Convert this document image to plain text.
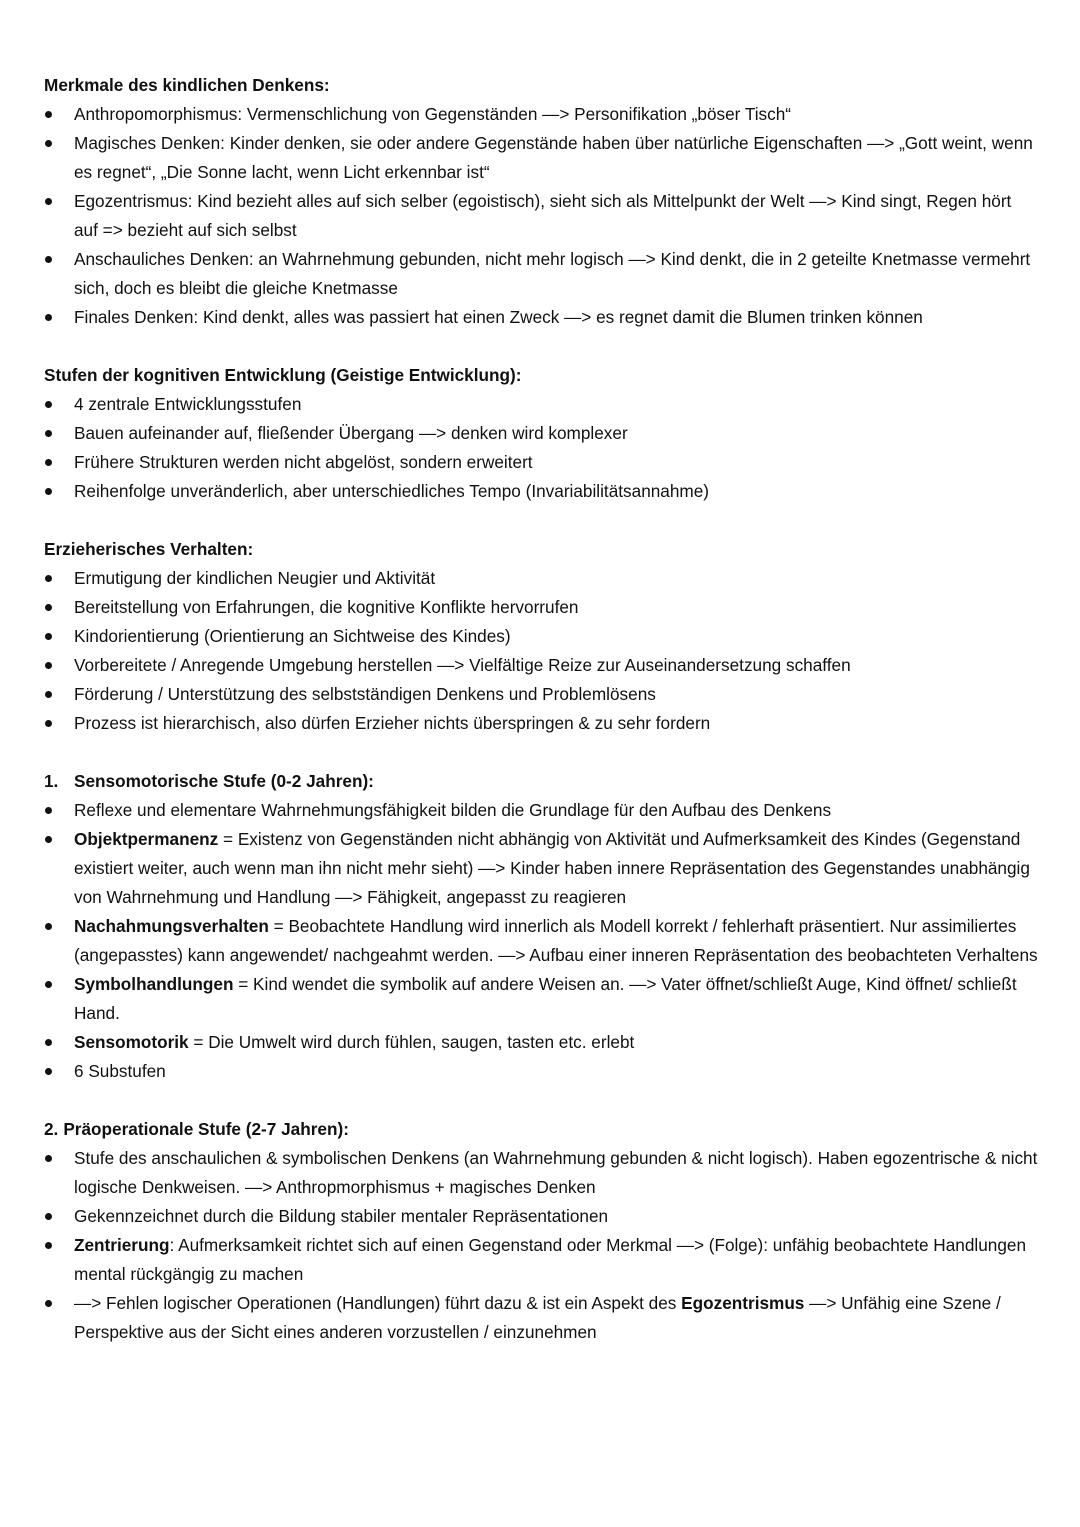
Merkmale des kindlichen Denkens:
Anthropomorphismus: Vermenschlichung von Gegenständen —> Personifikation „böser Tisch“
Magisches Denken: Kinder denken, sie oder andere Gegenstände haben über natürliche Eigenschaften —> „Gott weint, wenn es regnet“, „Die Sonne lacht, wenn Licht erkennbar ist“
Egozentrismus: Kind bezieht alles auf sich selber (egoistisch), sieht sich als Mittelpunkt der Welt —> Kind singt, Regen hört auf => bezieht auf sich selbst
Anschauliches Denken: an Wahrnehmung gebunden, nicht mehr logisch —> Kind denkt, die in 2 geteilte Knetmasse vermehrt sich, doch es bleibt die gleiche Knetmasse
Finales Denken: Kind denkt, alles was passiert hat einen Zweck —> es regnet damit die Blumen trinken können
Stufen der kognitiven Entwicklung (Geistige Entwicklung):
4 zentrale Entwicklungsstufen
Bauen aufeinander auf, fließender Übergang —> denken wird komplexer
Frühere Strukturen werden nicht abgelöst, sondern erweitert
Reihenfolge unveränderlich, aber unterschiedliches Tempo (Invariabilitätsannahme)
Erzieherisches Verhalten:
Ermutigung der kindlichen Neugier und Aktivität
Bereitstellung von Erfahrungen, die kognitive Konflikte hervorrufen
Kindorientierung (Orientierung an Sichtweise des Kindes)
Vorbereitete / Anregende Umgebung herstellen —> Vielfältige Reize zur Auseinandersetzung schaffen
Förderung / Unterstützung des selbstständigen Denkens und Problemlösens
Prozess ist hierarchisch, also dürfen Erzieher nichts überspringen & zu sehr fordern
1. Sensomotorische Stufe (0-2 Jahren):
Reflexe und elementare Wahrnehmungsfähigkeit bilden die Grundlage für den Aufbau des Denkens
Objektpermanenz = Existenz von Gegenständen nicht abhängig von Aktivität und Aufmerksamkeit des Kindes (Gegenstand existiert weiter, auch wenn man ihn nicht mehr sieht) —> Kinder haben innere Repräsentation des Gegenstandes unabhängig von Wahrnehmung und Handlung —> Fähigkeit, angepasst zu reagieren
Nachahmungsverhalten = Beobachtete Handlung wird innerlich als Modell korrekt / fehlerhaft präsentiert. Nur assimiliertes (angepasstes) kann angewendet/ nachgeahmt werden. —> Aufbau einer inneren Repräsentation des beobachteten Verhaltens
Symbolhandlungen = Kind wendet die symbolik auf andere Weisen an. —> Vater öffnet/schließt Auge, Kind öffnet/ schließt Hand.
Sensomotorik = Die Umwelt wird durch fühlen, saugen, tasten etc. erlebt
6 Substufen
2. Präoperationale Stufe (2-7 Jahren):
Stufe des anschaulichen & symbolischen Denkens (an Wahrnehmung gebunden & nicht logisch). Haben egozentrische & nicht logische Denkweisen. —> Anthropmorphismus + magisches Denken
Gekennzeichnet durch die Bildung stabiler mentaler Repräsentationen
Zentrierung: Aufmerksamkeit richtet sich auf einen Gegenstand oder Merkmal —> (Folge): unfähig beobachtete Handlungen mental rückgängig zu machen
—> Fehlen logischer Operationen (Handlungen) führt dazu & ist ein Aspekt des Egozentrismus —> Unfähig eine Szene / Perspektive aus der Sicht eines anderen vorzustellen / einzunehmen
